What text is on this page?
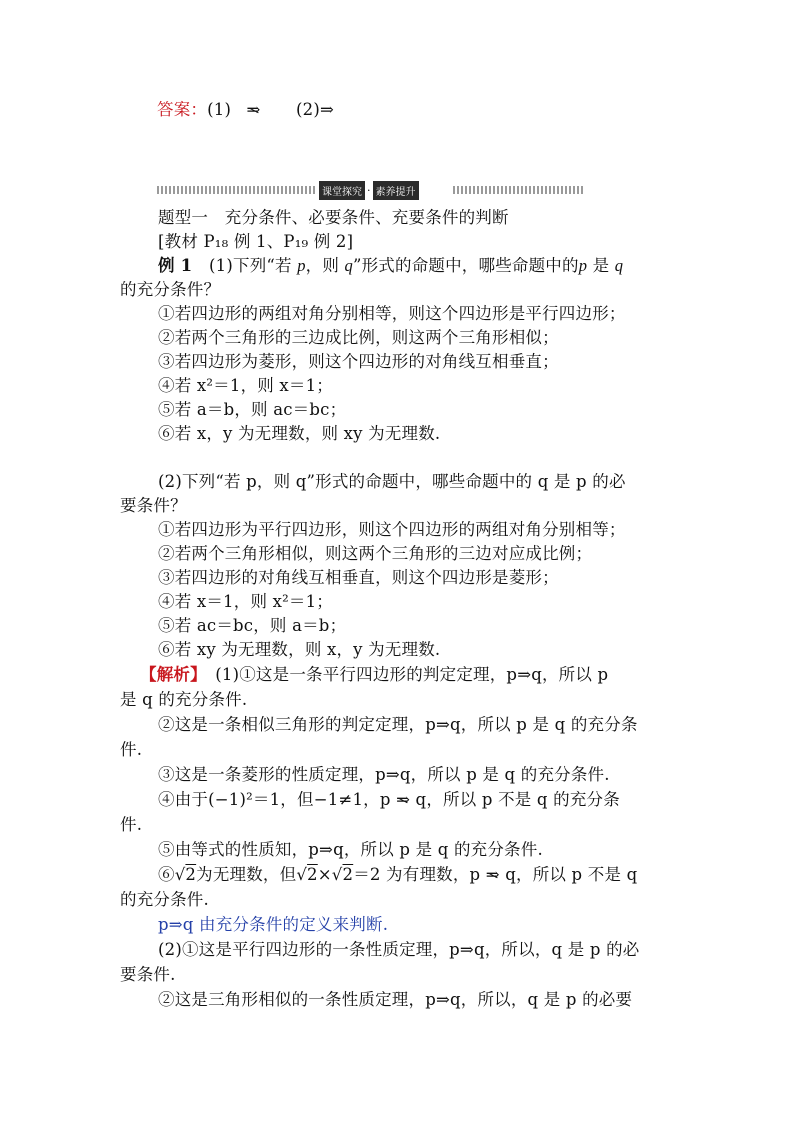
答案：(1) ⇒ (2)⇒
课堂探究 · 素养提升
题型一　充分条件、必要条件、充要条件的判断
[教材 P₁₈ 例 1、P₁₉ 例 2]
例 1　(1)下列“若 p，则 q”形式的命题中，哪些命题中的p 是 q
的充分条件？
①若四边形的两组对角分别相等，则这个四边形是平行四边形；
②若两个三角形的三边成比例，则这两个三角形相似；
③若四边形为菱形，则这个四边形的对角线互相垂直；
④若 x²＝1，则 x＝1；
⑤若 a＝b，则 ac＝bc；
⑥若 x，y 为无理数，则 xy 为无理数.
(2)下列“若 p，则 q”形式的命题中，哪些命题中的 q 是 p 的必
要条件？
①若四边形为平行四边形，则这个四边形的两组对角分别相等；
②若两个三角形相似，则这两个三角形的三边对应成比例；
③若四边形的对角线互相垂直，则这个四边形是菱形；
④若 x＝1，则 x²＝1；
⑤若 ac＝bc，则 a＝b；
⑥若 xy 为无理数，则 x，y 为无理数.
【解析】　(1)①这是一条平行四边形的判定定理，p⇒q，所以 p
是 q 的充分条件.
②这是一条相似三角形的判定定理，p⇒q，所以 p 是 q 的充分条
件.
③这是一条菱形的性质定理，p⇒q，所以 p 是 q 的充分条件.
④由于(−1)²＝1，但−1≠1，p ⇒ q，所以 p 不是 q 的充分条
件.
⑤由等式的性质知，p⇒q，所以 p 是 q 的充分条件.
⑥√2为无理数，但√2×√2＝2 为有理数，p ⇒ q，所以 p 不是 q
的充分条件.
p⇒q 由充分条件的定义来判断.
(2)①这是平行四边形的一条性质定理，p⇒q，所以，q 是 p 的必
要条件.
②这是三角形相似的一条性质定理，p⇒q，所以，q 是 p 的必要
